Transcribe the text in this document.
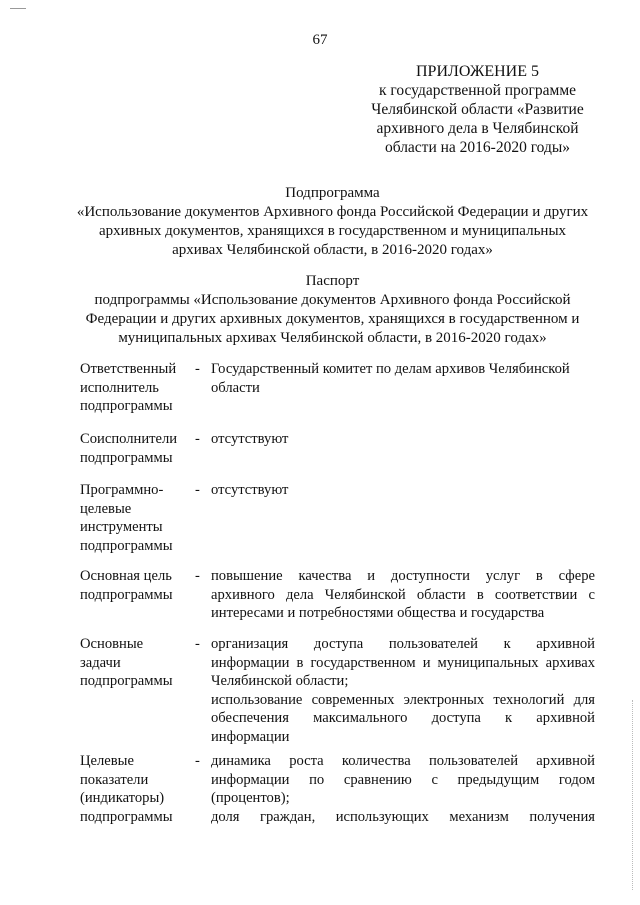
67
ПРИЛОЖЕНИЕ 5
к государственной программе
Челябинской области «Развитие
архивного дела в Челябинской
области на 2016-2020 годы»
Подпрограмма
«Использование документов Архивного фонда Российской Федерации и других
архивных документов, хранящихся в государственном и муниципальных
архивах Челябинской области, в 2016-2020 годах»
Паспорт
подпрограммы «Использование документов Архивного фонда Российской
Федерации и других архивных документов, хранящихся в государственном и
муниципальных архивах Челябинской области, в 2016-2020 годах»
Ответственный
исполнитель
подпрограммы
- Государственный комитет по делам архивов Челябинской
области
Соисполнители
подпрограммы
- отсутствуют
Программно-
целевые
инструменты
подпрограммы
- отсутствуют
Основная цель
подпрограммы
- повышение качества и доступности услуг в сфере
архивного дела Челябинской области в соответствии с
интересами и потребностями общества и государства
Основные
задачи
подпрограммы
- организация доступа пользователей к архивной
информации в государственном и муниципальных архивах
Челябинской области;
использование современных электронных технологий для
обеспечения максимального доступа к архивной
информации
Целевые
показатели
(индикаторы)
подпрограммы
- динамика роста количества пользователей архивной
информации по сравнению с предыдущим годом
(процентов);
доля граждан, использующих механизм получения
